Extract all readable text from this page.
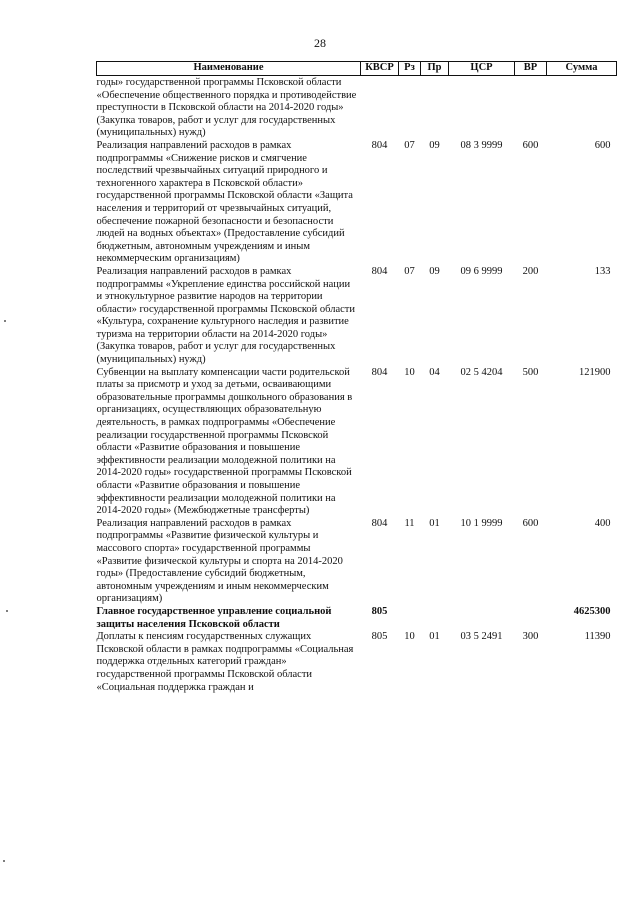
28
Наименование	КВСР	Рз	Пр	ЦСР	ВР	Сумма
годы» государственной программы Псковской области «Обеспечение общественного порядка и противодействие преступности в Псковской области на 2014-2020 годы» (Закупка товаров, работ и услуг для государственных (муниципальных) нужд)						
Реализация направлений расходов в рамках подпрограммы «Снижение рисков и смягчение последствий чрезвычайных ситуаций природного и техногенного характера в Псковской области» государственной программы Псковской области «Защита населения и территорий от чрезвычайных ситуаций, обеспечение пожарной безопасности и безопасности людей на водных объектах» (Предоставление субсидий бюджетным, автономным учреждениям и иным некоммерческим организациям)	804	07	09	08 3 9999	600	600
Реализация направлений расходов в рамках подпрограммы «Укрепление единства российской нации и этнокультурное развитие народов на территории области» государственной программы Псковской области «Культура, сохранение культурного наследия и развитие туризма на территории области на 2014-2020 годы» (Закупка товаров, работ и услуг для государственных (муниципальных) нужд)	804	07	09	09 6 9999	200	133
Субвенции на выплату компенсации части родительской платы за присмотр и уход за детьми, осваивающими образовательные программы дошкольного образования в организациях, осуществляющих образовательную деятельность, в рамках подпрограммы «Обеспечение реализации государственной программы Псковской области «Развитие образования и повышение эффективности реализации молодежной политики на 2014-2020 годы» государственной программы Псковской области «Развитие образования и повышение эффективности реализации молодежной политики на 2014-2020 годы» (Межбюджетные трансферты)	804	10	04	02 5 4204	500	121900
Реализация направлений расходов в рамках подпрограммы «Развитие физической культуры и массового спорта» государственной программы «Развитие физической культуры и спорта на 2014-2020 годы» (Предоставление субсидий бюджетным, автономным учреждениям и иным некоммерческим организациям)	804	11	01	10 1 9999	600	400
Главное государственное управление социальной защиты населения Псковской области	805					4625300
Доплаты к пенсиям государственных служащих Псковской области в рамках подпрограммы «Социальная поддержка отдельных категорий граждан» государственной программы Псковской области «Социальная поддержка граждан и	805	10	01	03 5 2491	300	11390
